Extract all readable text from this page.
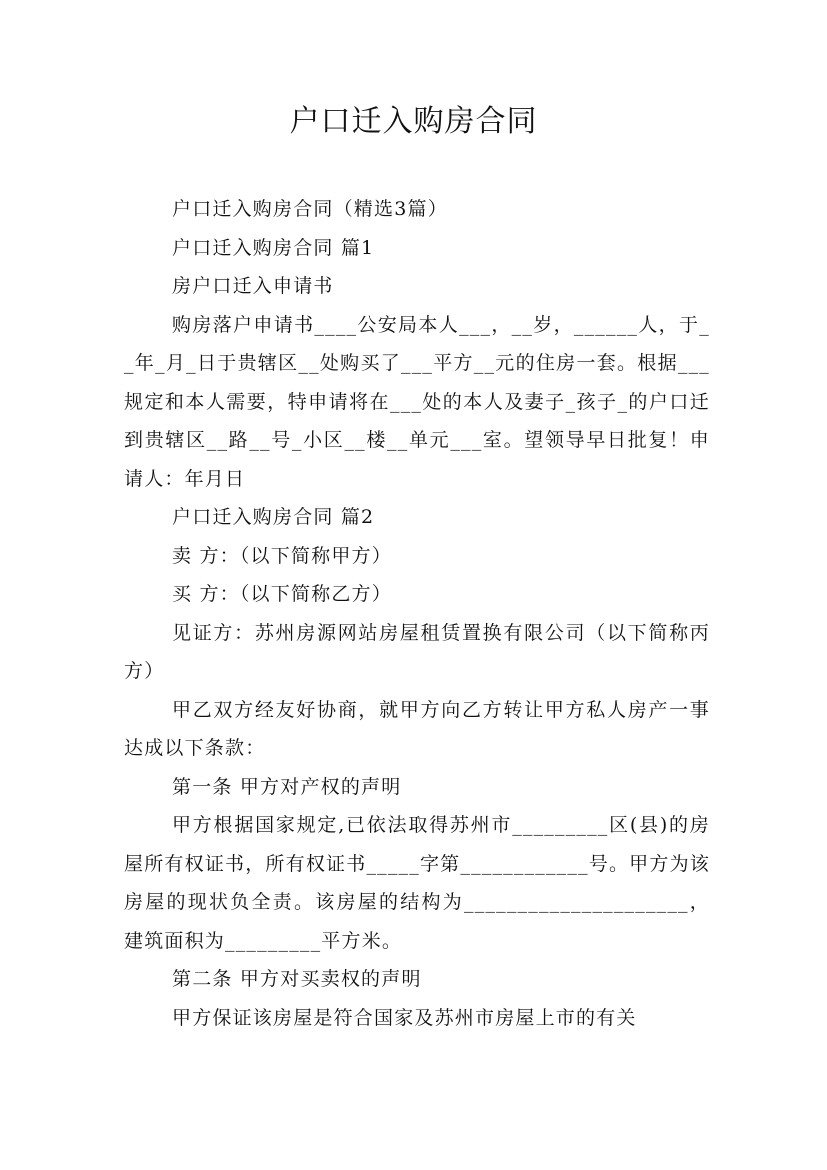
户口迁入购房合同

户口迁入购房合同（精选3篇）

户口迁入购房合同 篇1

房户口迁入申请书

购房落户申请书____公安局本人___，__岁，______人，于__年_月_日于贵辖区__处购买了___平方__元的住房一套。根据___规定和本人需要，特申请将在___处的本人及妻子_孩子_的户口迁到贵辖区__路__号_小区__楼__单元___室。望领导早日批复！申请人：年月日

户口迁入购房合同 篇2

卖 方：（以下简称甲方）

买 方：（以下简称乙方）

见证方：苏州房源网站房屋租赁置换有限公司（以下简称丙方）

甲乙双方经友好协商，就甲方向乙方转让甲方私人房产一事达成以下条款：

第一条 甲方对产权的声明

甲方根据国家规定,已依法取得苏州市_________区(县)的房屋所有权证书，所有权证书_____字第____________号。甲方为该房屋的现状负全责。该房屋的结构为_____________________，建筑面积为_________平方米。

第二条 甲方对买卖权的声明

甲方保证该房屋是符合国家及苏州市房屋上市的有关
